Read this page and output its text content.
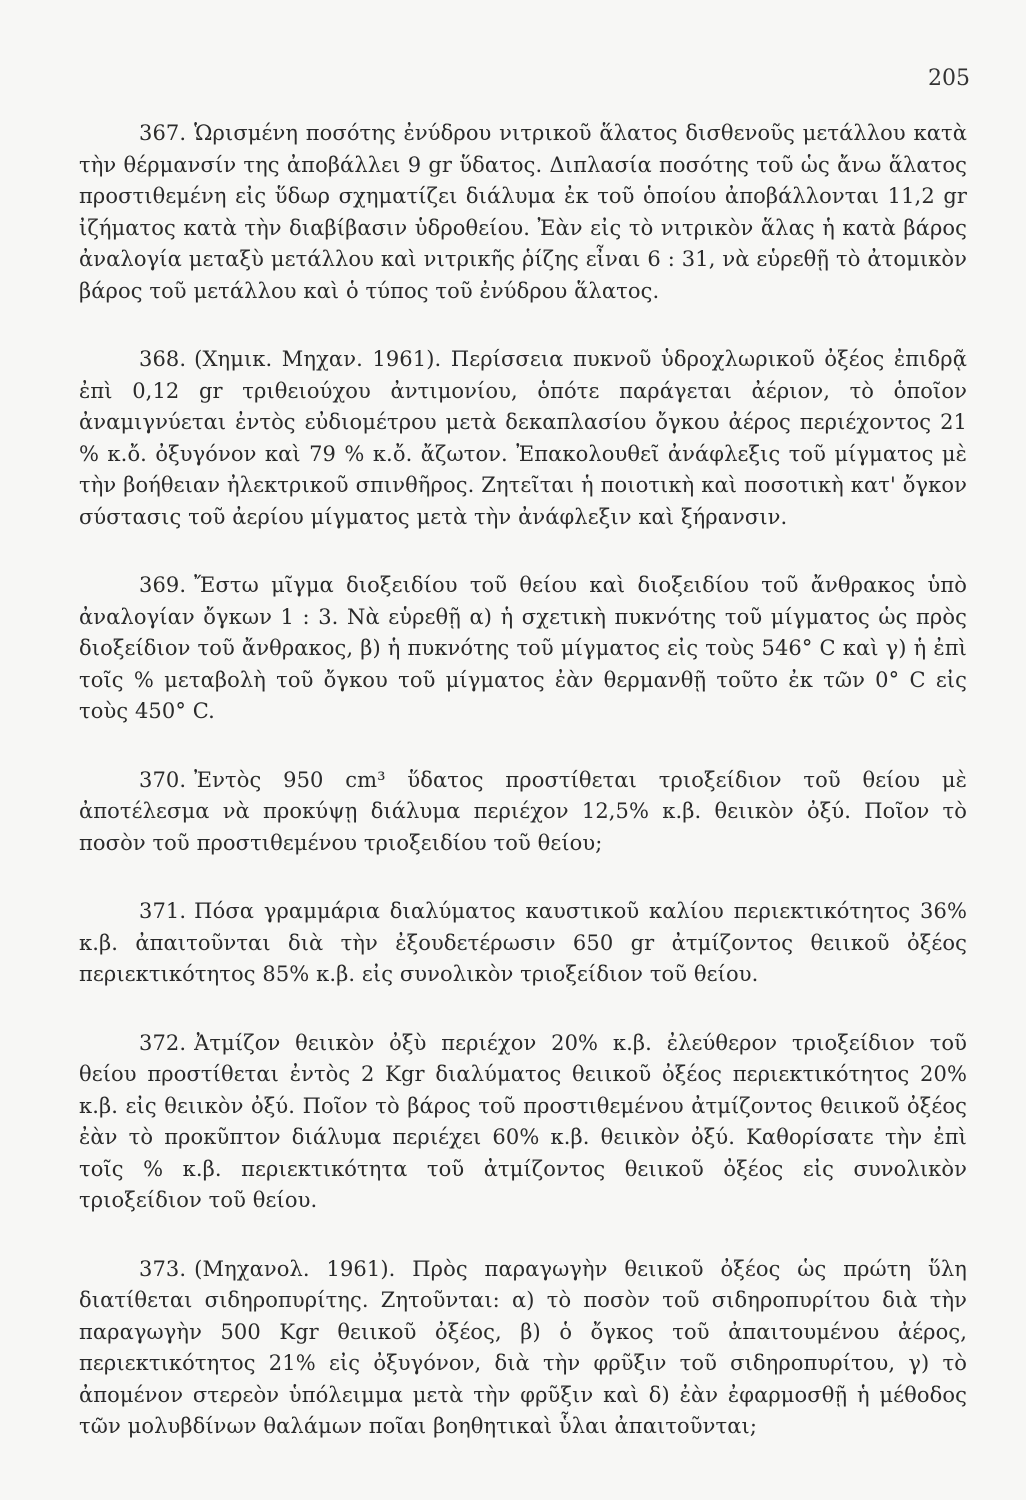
205

367. Ὡρισμένη ποσότης ἐνύδρου νιτρικοῦ ἅλατος δισθενοῦς μετάλλου κατὰ τὴν θέρμανσίν της ἀποβάλλει 9 gr ὕδατος. Διπλασία ποσότης τοῦ ὡς ἄνω ἅλατος προστιθεμένη εἰς ὕδωρ σχηματίζει διάλυμα ἐκ τοῦ ὁποίου ἀποβάλλονται 11,2 gr ἰζήματος κατὰ τὴν διαβίβασιν ὑδροθείου. Ἐὰν εἰς τὸ νιτρικὸν ἅλας ἡ κατὰ βάρος ἀναλογία μεταξὺ μετάλλου καὶ νιτρικῆς ῥίζης εἶναι 6 : 31, νὰ εὑρεθῇ τὸ ἀτομικὸν βάρος τοῦ μετάλλου καὶ ὁ τύπος τοῦ ἐνύδρου ἅλατος.

368. (Χημικ. Μηχαν. 1961). Περίσσεια πυκνοῦ ὑδροχλωρικοῦ ὀξέος ἐπιδρᾷ ἐπὶ 0,12 gr τριθειούχου ἀντιμονίου, ὁπότε παράγεται ἀέριον, τὸ ὁποῖον ἀναμιγνύεται ἐντὸς εὐδιομέτρου μετὰ δεκαπλασίου ὄγκου ἀέρος περιέχοντος 21 % κ.ὄ. ὀξυγόνον καὶ 79 % κ.ὄ. ἄζωτον. Ἐπακολουθεῖ ἀνάφλεξις τοῦ μίγματος μὲ τὴν βοήθειαν ἠλεκτρικοῦ σπινθῆρος. Ζητεῖται ἡ ποιοτικὴ καὶ ποσοτικὴ κατ' ὄγκον σύστασις τοῦ ἀερίου μίγματος μετὰ τὴν ἀνάφλεξιν καὶ ξήρανσιν.

369. Ἔστω μῖγμα διοξειδίου τοῦ θείου καὶ διοξειδίου τοῦ ἄνθρακος ὑπὸ ἀναλογίαν ὄγκων 1 : 3. Νὰ εὑρεθῇ α) ἡ σχετικὴ πυκνότης τοῦ μίγματος ὡς πρὸς διοξείδιον τοῦ ἄνθρακος, β) ἡ πυκνότης τοῦ μίγματος εἰς τοὺς 546° C καὶ γ) ἡ ἐπὶ τοῖς % μεταβολὴ τοῦ ὄγκου τοῦ μίγματος ἐὰν θερμανθῇ τοῦτο ἐκ τῶν 0° C εἰς τοὺς 450° C.

370. Ἐντὸς 950 cm³ ὕδατος προστίθεται τριοξείδιον τοῦ θείου μὲ ἀποτέλεσμα νὰ προκύψῃ διάλυμα περιέχον 12,5% κ.β. θειικὸν ὀξύ. Ποῖον τὸ ποσὸν τοῦ προστιθεμένου τριοξειδίου τοῦ θείου;

371. Πόσα γραμμάρια διαλύματος καυστικοῦ καλίου περιεκτικότητος 36% κ.β. ἀπαιτοῦνται διὰ τὴν ἐξουδετέρωσιν 650 gr ἀτμίζοντος θειικοῦ ὀξέος περιεκτικότητος 85% κ.β. εἰς συνολικὸν τριοξείδιον τοῦ θείου.

372. Ἀτμίζον θειικὸν ὀξὺ περιέχον 20% κ.β. ἐλεύθερον τριοξείδιον τοῦ θείου προστίθεται ἐντὸς 2 Kgr διαλύματος θειικοῦ ὀξέος περιεκτικότητος 20% κ.β. εἰς θειικὸν ὀξύ. Ποῖον τὸ βάρος τοῦ προστιθεμένου ἀτμίζοντος θειικοῦ ὀξέος ἐὰν τὸ προκῦπτον διάλυμα περιέχει 60% κ.β. θειικὸν ὀξύ. Καθορίσατε τὴν ἐπὶ τοῖς % κ.β. περιεκτικότητα τοῦ ἀτμίζοντος θειικοῦ ὀξέος εἰς συνολικὸν τριοξείδιον τοῦ θείου.

373. (Μηχανολ. 1961). Πρὸς παραγωγὴν θειικοῦ ὀξέος ὡς πρώτη ὕλη διατίθεται σιδηροπυρίτης. Ζητοῦνται: α) τὸ ποσὸν τοῦ σιδηροπυρίτου διὰ τὴν παραγωγὴν 500 Kgr θειικοῦ ὀξέος, β) ὁ ὄγκος τοῦ ἀπαιτουμένου ἀέρος, περιεκτικότητος 21% εἰς ὀξυγόνον, διὰ τὴν φρῦξιν τοῦ σιδηροπυρίτου, γ) τὸ ἀπομένον στερεὸν ὑπόλειμμα μετὰ τὴν φρῦξιν καὶ δ) ἐὰν ἐφαρμοσθῇ ἡ μέθοδος τῶν μολυβδίνων θαλάμων ποῖαι βοηθητικαὶ ὗλαι ἀπαιτοῦνται;
